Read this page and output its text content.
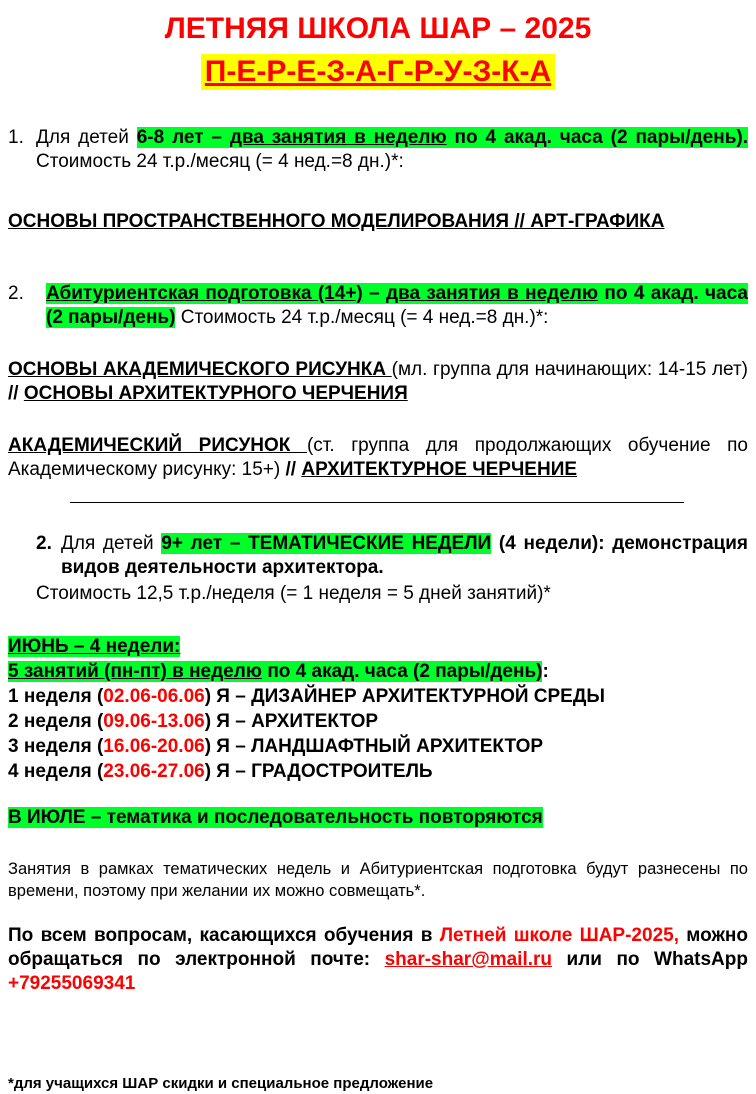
ЛЕТНЯЯ ШКОЛА ШАР – 2025
П-Е-Р-Е-З-А-Г-Р-У-З-К-А
1. Для детей 6-8 лет – два занятия в неделю по 4 акад. часа (2 пары/день). Стоимость 24 т.р./месяц (= 4 нед.=8 дн.)*:

ОСНОВЫ ПРОСТРАНСТВЕННОГО МОДЕЛИРОВАНИЯ // АРТ-ГРАФИКА

2. Абитуриентская подготовка (14+) – два занятия в неделю по 4 акад. часа (2 пары/день) Стоимость 24 т.р./месяц (= 4 нед.=8 дн.)*:

ОСНОВЫ АКАДЕМИЧЕСКОГО РИСУНКА (мл. группа для начинающих: 14-15 лет) // ОСНОВЫ АРХИТЕКТУРНОГО ЧЕРЧЕНИЯ

АКАДЕМИЧЕСКИЙ РИСУНОК (ст. группа для продолжающих обучение по Академическому рисунку: 15+) // АРХИТЕКТУРНОЕ ЧЕРЧЕНИЕ

2. Для детей 9+ лет – ТЕМАТИЧЕСКИЕ НЕДЕЛИ (4 недели): демонстрация видов деятельности архитектора.

Стоимость 12,5 т.р./неделя (= 1 неделя = 5 дней занятий)*

ИЮНЬ – 4 недели:

5 занятий (пн-пт) в неделю по 4 акад. часа (2 пары/день):

1 неделя (02.06-06.06) Я – ДИЗАЙНЕР АРХИТЕКТУРНОЙ СРЕДЫ

2 неделя (09.06-13.06) Я – АРХИТЕКТОР

3 неделя (16.06-20.06) Я – ЛАНДШАФТНЫЙ АРХИТЕКТОР

4 неделя (23.06-27.06) Я – ГРАДОСТРОИТЕЛЬ

В ИЮЛЕ – тематика и последовательность повторяются

Занятия в рамках тематических недель и Абитуриентская подготовка будут разнесены по времени, поэтому при желании их можно совмещать*.

По всем вопросам, касающихся обучения в Летней школе ШАР-2025, можно обращаться по электронной почте: shar-shar@mail.ru или по WhatsApp +79255069341

*для учащихся ШАР скидки и специальное предложение
